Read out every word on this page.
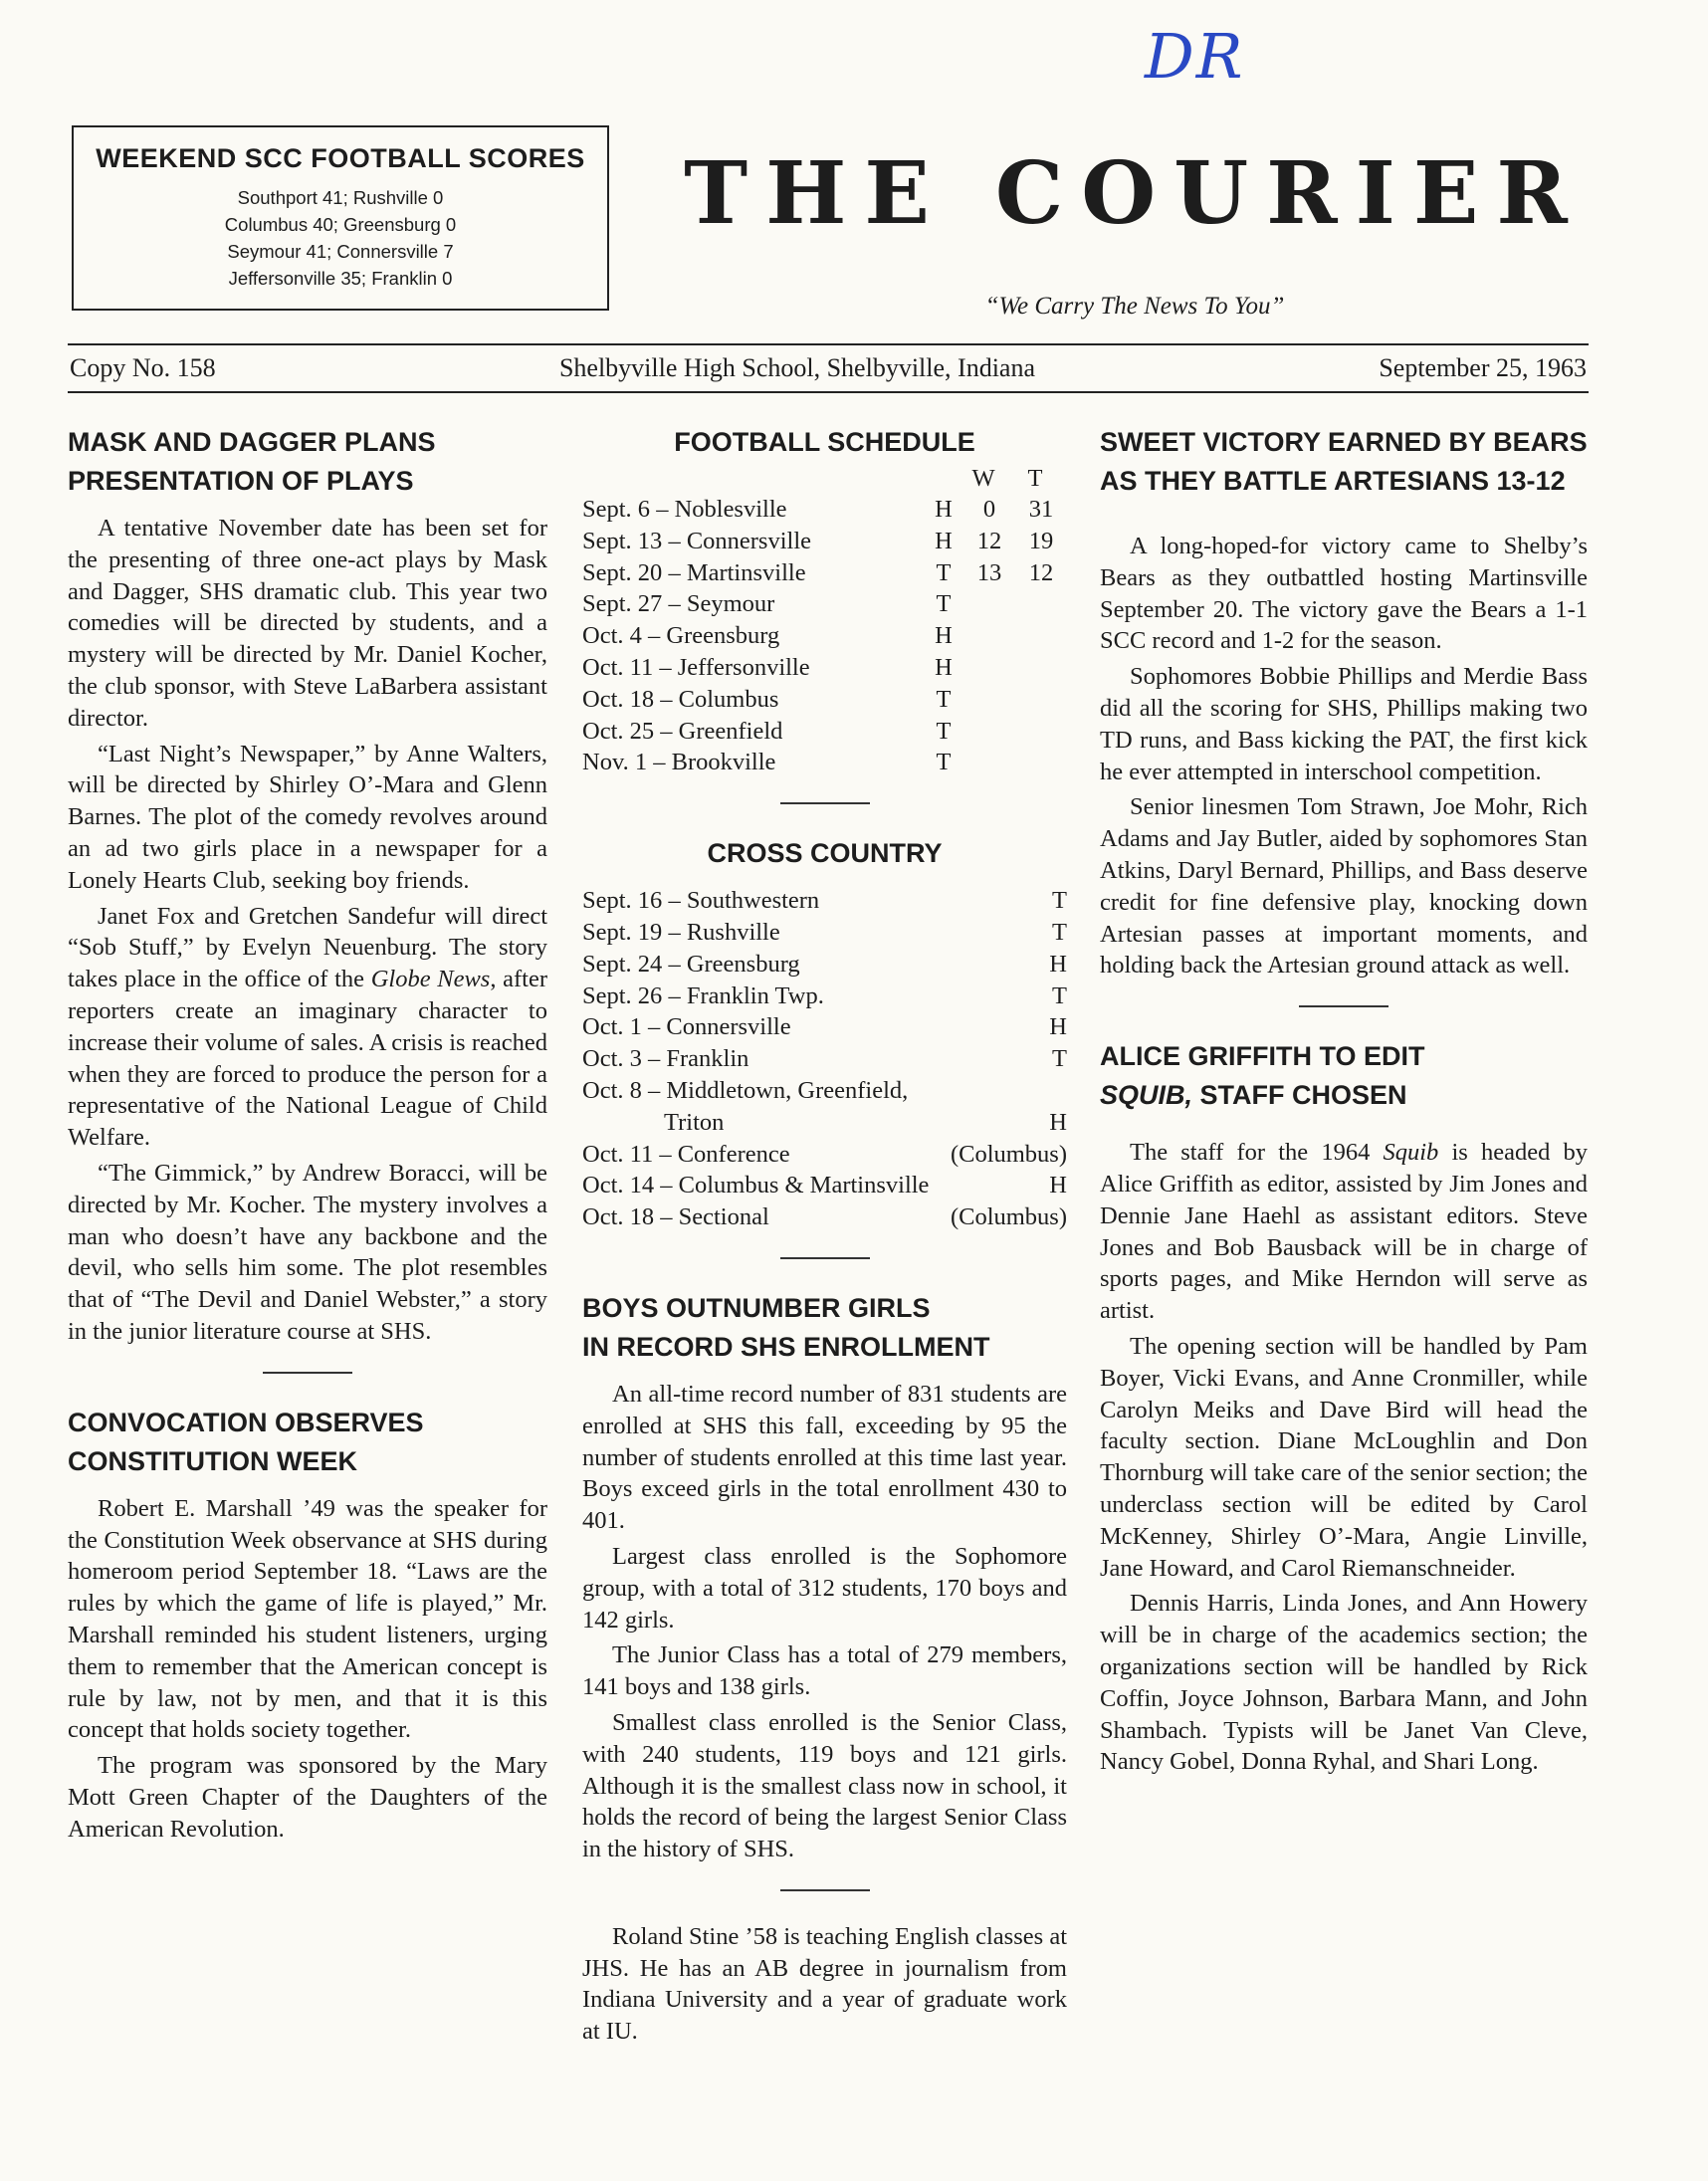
DR
WEEKEND SCC FOOTBALL SCORES
Southport 41; Rushville 0
Columbus 40; Greensburg 0
Seymour 41; Connersville 7
Jeffersonville 35; Franklin 0
THE COURIER
“We Carry The News To You”
Copy No. 158	Shelbyville High School, Shelbyville, Indiana	September 25, 1963
MASK AND DAGGER PLANS
PRESENTATION OF PLAYS

A tentative November date has been set for the presenting of three one-act plays by Mask and Dagger, SHS dramatic club. This year two comedies will be directed by students, and a mystery will be directed by Mr. Daniel Kocher, the club sponsor, with Steve LaBarbera assistant director.

“Last Night’s Newspaper,” by Anne Walters, will be directed by Shirley O’-Mara and Glenn Barnes. The plot of the comedy revolves around an ad two girls place in a newspaper for a Lonely Hearts Club, seeking boy friends.

Janet Fox and Gretchen Sandefur will direct “Sob Stuff,” by Evelyn Neuenburg. The story takes place in the office of the Globe News, after reporters create an imaginary character to increase their volume of sales. A crisis is reached when they are forced to produce the person for a representative of the National League of Child Welfare.

“The Gimmick,” by Andrew Boracci, will be directed by Mr. Kocher. The mystery involves a man who doesn’t have any backbone and the devil, who sells him some. The plot resembles that of “The Devil and Daniel Webster,” a story in the junior literature course at SHS.

CONVOCATION OBSERVES
CONSTITUTION WEEK

Robert E. Marshall ’49 was the speaker for the Constitution Week observance at SHS during homeroom period September 18. “Laws are the rules by which the game of life is played,” Mr. Marshall reminded his student listeners, urging them to remember that the American concept is rule by law, not by men, and that it is this concept that holds society together.

The program was sponsored by the Mary Mott Green Chapter of the Daughters of the American Revolution.

FOOTBALL SCHEDULE
W T
Sept. 6 – Noblesville	H	0	31
Sept. 13 – Connersville	H	12	19
Sept. 20 – Martinsville	T	13	12
Sept. 27 – Seymour	T		
Oct. 4 – Greensburg	H		
Oct. 11 – Jeffersonville	H		
Oct. 18 – Columbus	T		
Oct. 25 – Greenfield	T		
Nov. 1 – Brookville	T		
CROSS COUNTRY
Sept. 16 – Southwestern	T
Sept. 19 – Rushville	T
Sept. 24 – Greensburg	H
Sept. 26 – Franklin Twp.	T
Oct. 1 – Connersville	H
Oct. 3 – Franklin	T
Oct. 8 – Middletown, Greenfield,	
Triton	H
Oct. 11 – Conference	(Columbus)
Oct. 14 – Columbus & Martinsville	H
Oct. 18 – Sectional	(Columbus)
BOYS OUTNUMBER GIRLS
IN RECORD SHS ENROLLMENT

An all-time record number of 831 students are enrolled at SHS this fall, exceeding by 95 the number of students enrolled at this time last year. Boys exceed girls in the total enrollment 430 to 401.

Largest class enrolled is the Sophomore group, with a total of 312 students, 170 boys and 142 girls.

The Junior Class has a total of 279 members, 141 boys and 138 girls.

Smallest class enrolled is the Senior Class, with 240 students, 119 boys and 121 girls. Although it is the smallest class now in school, it holds the record of being the largest Senior Class in the history of SHS.

Roland Stine ’58 is teaching English classes at JHS. He has an AB degree in journalism from Indiana University and a year of graduate work at IU.

SWEET VICTORY EARNED BY BEARS
AS THEY BATTLE ARTESIANS 13-12

A long-hoped-for victory came to Shelby’s Bears as they outbattled hosting Martinsville September 20. The victory gave the Bears a 1-1 SCC record and 1-2 for the season.

Sophomores Bobbie Phillips and Merdie Bass did all the scoring for SHS, Phillips making two TD runs, and Bass kicking the PAT, the first kick he ever attempted in interschool competition.

Senior linesmen Tom Strawn, Joe Mohr, Rich Adams and Jay Butler, aided by sophomores Stan Atkins, Daryl Bernard, Phillips, and Bass deserve credit for fine defensive play, knocking down Artesian passes at important moments, and holding back the Artesian ground attack as well.

ALICE GRIFFITH TO EDIT
SQUIB, STAFF CHOSEN

The staff for the 1964 Squib is headed by Alice Griffith as editor, assisted by Jim Jones and Dennie Jane Haehl as assistant editors. Steve Jones and Bob Bausback will be in charge of sports pages, and Mike Herndon will serve as artist.

The opening section will be handled by Pam Boyer, Vicki Evans, and Anne Cronmiller, while Carolyn Meiks and Dave Bird will head the faculty section. Diane McLoughlin and Don Thornburg will take care of the senior section; the underclass section will be edited by Carol McKenney, Shirley O’-Mara, Angie Linville, Jane Howard, and Carol Riemanschneider.

Dennis Harris, Linda Jones, and Ann Howery will be in charge of the academics section; the organizations section will be handled by Rick Coffin, Joyce Johnson, Barbara Mann, and John Shambach. Typists will be Janet Van Cleve, Nancy Gobel, Donna Ryhal, and Shari Long.
